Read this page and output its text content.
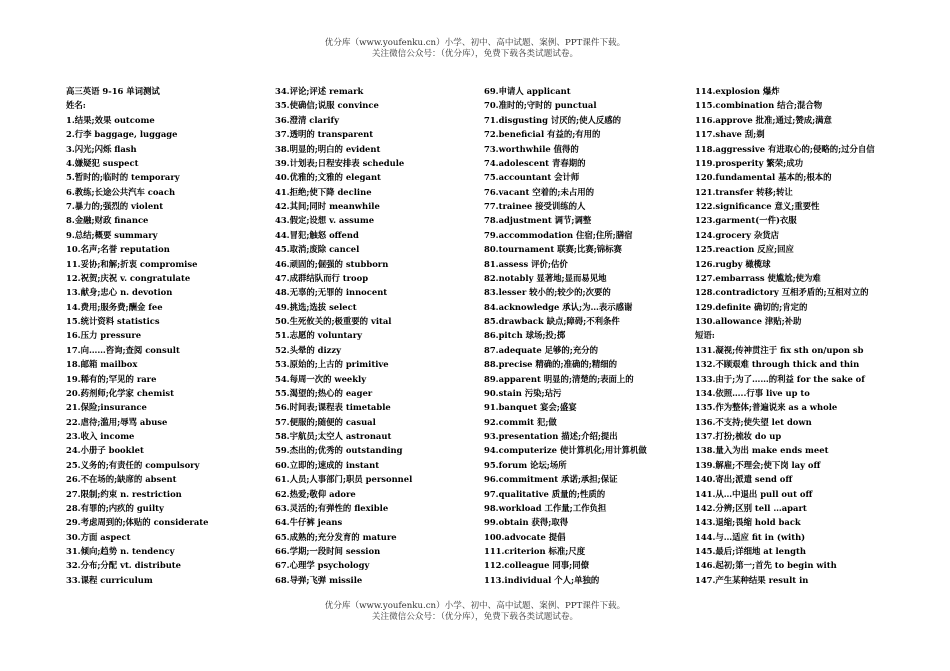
优分库（www.youfenku.cn）小学、初中、高中试题、案例、PPT课件下载。
关注微信公众号：（优分库），免费下载各类试题试卷。
高三英语 9-16 单词测试
姓名:
1.结果;效果 outcome
2.行李 baggage, luggage
3.闪光;闪烁 flash
4.嫌疑犯 suspect
5.暂时的;临时的 temporary
6.教练;长途公共汽车 coach
7.暴力的;强烈的 violent
8.金融;财政 finance
9.总结;概要 summary
10.名声;名誉 reputation
11.妥协;和解;折衷 compromise
12.祝贺;庆祝 v. congratulate
13.献身;忠心 n. devotion
14.费用;服务费;酬金 fee
15.统计资料 statistics
16.压力 pressure
17.向……咨询;查阅 consult
18.邮箱 mailbox
19.稀有的;罕见的 rare
20.药剂师;化学家 chemist
21.保险;insurance
22.虐待;滥用;辱骂 abuse
23.收入 income
24.小册子 booklet
25.义务的;有责任的 compulsory
26.不在场的;缺席的 absent
27.限制;约束 n. restriction
28.有罪的;内疚的 guilty
29.考虑周到的;体贴的 considerate
30.方面 aspect
31.倾向;趋势 n. tendency
32.分布;分配 vt. distribute
33.课程 curriculum
34.评论;评述 remark
35.使确信;说服 convince
36.澄清 clarify
37.透明的 transparent
38.明显的;明白的 evident
39.计划表;日程安排表 schedule
40.优雅的;文雅的 elegant
41.拒绝;使下降 decline
42.其间;同时 meanwhile
43.假定;设想 v. assume
44.冒犯;触怒 offend
45.取消;废除 cancel
46.顽固的;倔强的 stubborn
47.成群结队而行 troop
48.无辜的;无罪的 innocent
49.挑选;选拔 select
50.生死攸关的;极重要的 vital
51.志愿的 voluntary
52.头晕的 dizzy
53.原始的;上古的 primitive
54.每周一次的 weekly
55.渴望的;热心的 eager
56.时间表;课程表 timetable
57.便服的;随便的 casual
58.宇航员;太空人 astronaut
59.杰出的;优秀的 outstanding
60.立即的;速成的 instant
61.人员;人事部门;职员 personnel
62.热爱;敬仰 adore
63.灵活的;有弹性的 flexible
64.牛仔裤 jeans
65.成熟的;充分发育的 mature
66.学期;一段时间 session
67.心理学 psychology
68.导弹;飞弹 missile
69.申请人 applicant
70.准时的;守时的 punctual
71.disgusting 讨厌的;使人反感的
72.beneficial 有益的;有用的
73.worthwhile 值得的
74.adolescent 青春期的
75.accountant 会计师
76.vacant 空着的;未占用的
77.trainee 接受训练的人
78.adjustment 调节;调整
79.accommodation 住宿;住所;膳宿
80.tournament 联赛;比赛;锦标赛
81.assess 评价;估价
82.notably 显著地;显而易见地
83.lesser 较小的;较少的;次要的
84.acknowledge 承认;为…表示感谢
85.drawback 缺点;障碍;不利条件
86.pitch 球场;投;掷
87.adequate 足够的;充分的
88.precise 精确的;准确的;精细的
89.apparent 明显的;清楚的;表面上的
90.stain 污染;玷污
91.banquet 宴会;盛宴
92.commit 犯;做
93.presentation 描述;介绍;提出
94.computerize 使计算机化;用计算机做
95.forum 论坛;场所
96.commitment 承诺;承担;保证
97.qualitative 质量的;性质的
98.workload 工作量;工作负担
99.obtain 获得;取得
100.advocate 提倡
111.criterion 标准;尺度
112.colleague 同事;同僚
113.individual 个人;单独的
114.explosion 爆炸
115.combination 结合;混合物
116.approve 批准;通过;赞成;满意
117.shave 刮;剃
118.aggressive 有进取心的;侵略的;过分自信
119.prosperity 繁荣;成功
120.fundamental 基本的;根本的
121.transfer 转移;转让
122.significance 意义;重要性
123.garment(一件)衣服
124.grocery 杂货店
125.reaction 反应;回应
126.rugby 橄榄球
127.embarrass 使尴尬;使为难
128.contradictory 互相矛盾的;互相对立的
129.definite 确切的;肯定的
130.allowance 津贴;补助
短语:
131.凝视;传神贯注于 fix sth on/upon sb
132.不顾艰难 through thick and thin
133.由于;为了……的利益 for the sake of
134.依照…..行事 live up to
135.作为整体;普遍说来 as a whole
136.不支持;使失望 let down
137.打扮;梳妆 do up
138.量入为出 make ends meet
139.解雇;不理会;使下岗 lay off
140.寄出;派遣 send off
141.从…中退出 pull out off
142.分辨;区别 tell …apart
143.退缩;畏缩 hold back
144.与…适应 fit in (with)
145.最后;详细地 at length
146.起初;第一;首先 to begin with
147.产生某种结果 result in
优分库（www.youfenku.cn）小学、初中、高中试题、案例、PPT课件下载。
关注微信公众号：（优分库），免费下载各类试题试卷。
